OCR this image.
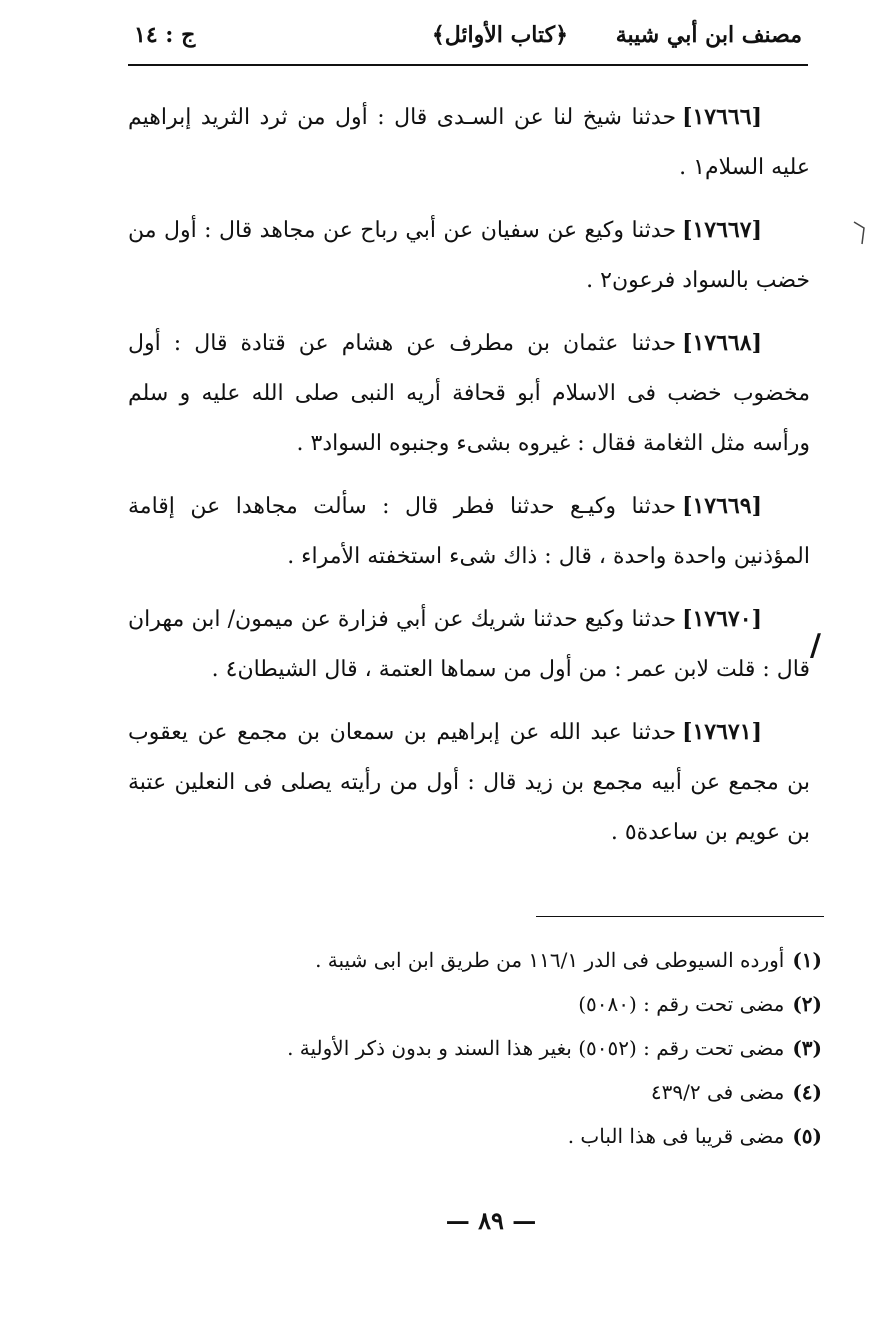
مصنف ابن أبي شيبة
﴿كتاب الأوائل﴾
ج : ١٤

[١٧٦٦٦]حدثنا شيخ لنا عن السـدى قال : أول من ثرد الثريد إبراهيم عليه السلام١ .

[١٧٦٦٧]حدثنا وكيع عن سفيان عن أبي رباح عن مجاهد قال : أول من خضب بالسواد فرعون٢ .

[١٧٦٦٨]حدثنا عثمان بن مطرف عن هشام عن قتادة قال : أول مخضوب خضب فى الاسلام أبو قحافة أريه النبى صلى الله عليه و سلم ورأسه مثل الثغامة فقال : غيروه بشىء وجنبوه السواد٣ .

[١٧٦٦٩]حدثنا وكيـع حدثنا فطر قال : سألت مجاهدا عن إقامة المؤذنين واحدة واحدة ، قال : ذاك شىء استخفته الأمراء .

[١٧٦٧٠]حدثنا وكيع حدثنا شريك عن أبي فزارة عن ميمون/ ابن مهران قال : قلت لابن عمر : من أول من سماها العتمة ، قال الشيطان٤ .

[١٧٦٧١]حدثنا عبد الله عن إبراهيم بن سمعان بن مجمع عن يعقوب بن مجمع عن أبيه مجمع بن زيد قال : أول من رأيته يصلى فى النعلين عتبة بن عويم بن ساعدة٥ .

/
(١)أورده السيوطى فى الدر ١١٦/١ من طريق ابن ابى شيبة .
(٢)مضى تحت رقم : (٥٠٨٠)
(٣)مضى تحت رقم : (٥٠٥٢) بغير هذا السند و بدون ذكر الأولية .
(٤)مضى فى ٤٣٩/٢
(٥)مضى قريبا فى هذا الباب .
— ٨٩ —
